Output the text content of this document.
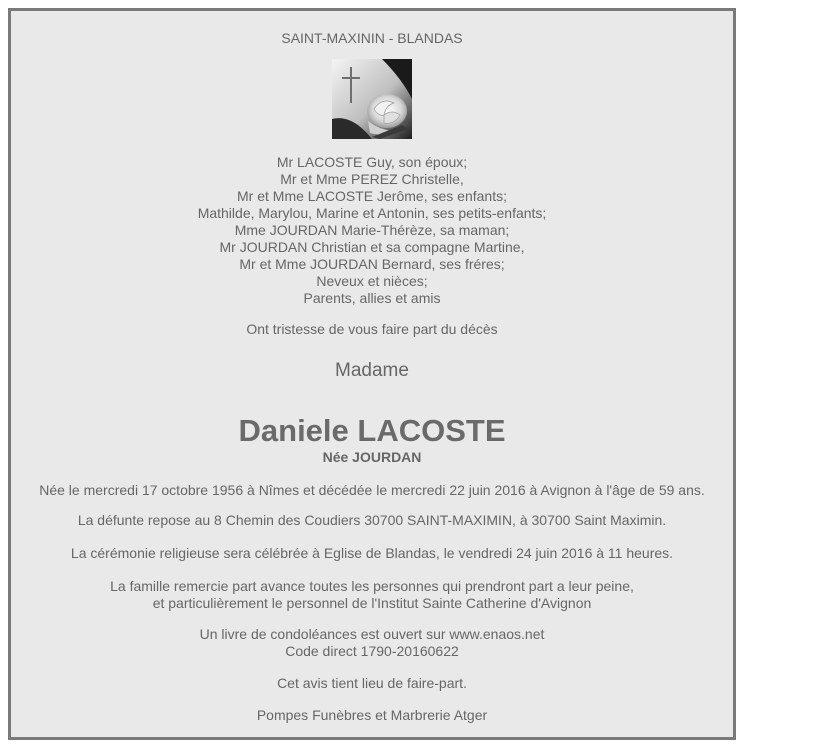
SAINT-MAXININ - BLANDAS
Mr LACOSTE Guy, son époux;
Mr et Mme PEREZ Christelle,
Mr et Mme LACOSTE Jerôme, ses enfants;
Mathilde, Marylou, Marine et Antonin, ses petits-enfants;
Mme JOURDAN Marie-Thérèze, sa maman;
Mr JOURDAN Christian et sa compagne Martine,
Mr et Mme JOURDAN Bernard, ses fréres;
Neveux et nièces;
Parents, allies et amis
Ont tristesse de vous faire part du décès
Madame
Daniele LACOSTE
Née JOURDAN
Née le mercredi 17 octobre 1956 à Nîmes et décédée le mercredi 22 juin 2016 à Avignon à l'âge de 59 ans.
La défunte repose au 8 Chemin des Coudiers 30700 SAINT-MAXIMIN, à 30700 Saint Maximin.
La cérémonie religieuse sera célébrée à Eglise de Blandas, le vendredi 24 juin 2016 à 11 heures.
La famille remercie part avance toutes les personnes qui prendront part a leur peine,
et particulièrement le personnel de l'Institut Sainte Catherine d'Avignon
Un livre de condoléances est ouvert sur www.enaos.net
Code direct 1790-20160622
Cet avis tient lieu de faire-part.
Pompes Funèbres et Marbrerie Atger
